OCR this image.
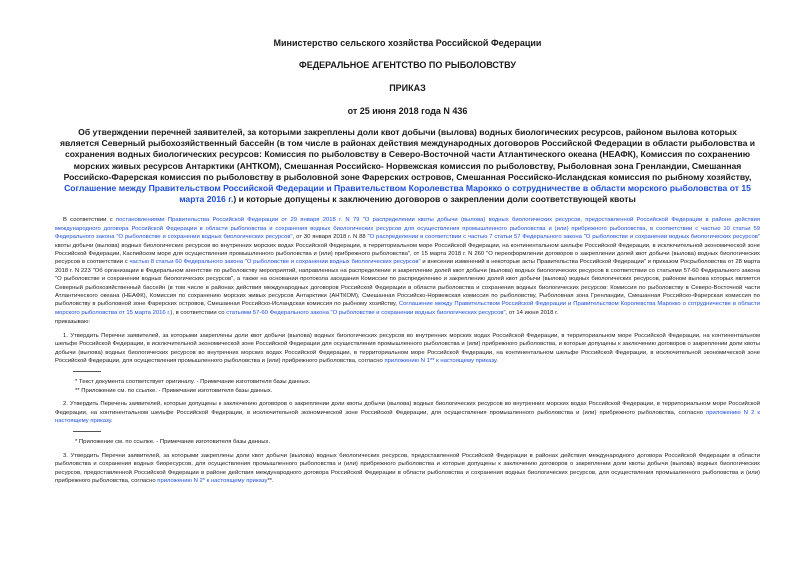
Министерство сельского хозяйства Российской Федерации
ФЕДЕРАЛЬНОЕ АГЕНТСТВО ПО РЫБОЛОВСТВУ
ПРИКАЗ
от 25 июня 2018 года N 436
Об утверждении перечней заявителей, за которыми закреплены доли квот добычи (вылова) водных биологических ресурсов, районом вылова которых является Северный рыбохозяйственный бассейн (в том числе в районах действия международных договоров Российской Федерации в области рыболовства и сохранения водных биологических ресурсов: Комиссия по рыболовству в Северо-Восточной части Атлантического океана (НЕАФК), Комиссия по сохранению морских живых ресурсов Антарктики (АНТКОМ), Смешанная Российско- Норвежская комиссия по рыболовству, Рыболовная зона Гренландии, Смешанная Российско-Фарерская комиссия по рыболовству в рыболовной зоне Фарерских островов, Смешанная Российско-Исландская комиссия по рыбному хозяйству, Соглашение между Правительством Российской Федерации и Правительством Королевства Марокко о сотрудничестве в области морского рыболовства от 15 марта 2016 г.) и которые допущены к заключению договоров о закреплении доли соответствующей квоты

В соответствии с постановлениями Правительства Российской Федерации от 29 января 2018 г. N 79 "О распределении квоты добычи (вылова) водных биологических ресурсов, предоставленной Российской Федерации в районе действия международного договора Российской Федерации в области рыболовства и сохранения водных биологических ресурсов для осуществления промышленного рыболовства и (или) прибрежного рыболовства, в соответствии с частью 10 статьи 59 Федерального закона "О рыболовстве и сохранении водных биологических ресурсов", от 30 января 2018 г. N 88 "О распределении в соответствии с частью 7 статьи 57 Федерального закона "О рыболовстве и сохранении водных биологических ресурсов" квоты добычи (вылова) водных биологических ресурсов во внутренних морских водах Российской Федерации, в территориальном море Российской Федерации, на континентальном шельфе Российской Федерации, в исключительной экономической зоне Российской Федерации, Каспийском море для осуществления промышленного рыболовства и (или) прибрежного рыболовства", от 15 марта 2018 г. N 260 "О переоформлении договоров о закреплении долей квот добычи (вылова) водных биологических ресурсов в соответствии с частью 8 статьи 60 Федерального закона "О рыболовстве и сохранении водных биологических ресурсов" и внесении изменений в некоторые акты Правительства Российской Федерации" и приказом Росрыболовства от 28 марта 2018 г. N 223 "Об организации в Федеральном агентстве по рыболовству мероприятий, направленных на распределение и закрепление долей квот добычи (вылова) водных биологических ресурсов в соответствии со статьями 57-60 Федерального закона "О рыболовстве и сохранении водных биологических ресурсов", а также на основании протокола заседания Комиссии по распределению и закреплению долей квот добычи (вылова) водных биологических ресурсов, районом вылова которых является Северный рыбохозяйственный бассейн (в том числе в районах действия международных договоров Российской Федерации в области рыболовства и сохранения водных биологических ресурсов: Комиссия по рыболовству в Северо-Восточной части Атлантического океана (НЕАФК), Комиссия по сохранению морских живых ресурсов Антарктики (АНТКОМ), Смешанная Российско-Норвежская комиссия по рыболовству, Рыболовная зона Гренландии, Смешанная Российско-Фарерская комиссия по рыболовству в рыболовной зоне Фарерских островов, Смешанная Российско-Исландская комиссия по рыбному хозяйству, Соглашение между Правительством Российской Федерации и Правительством Королевства Марокко о сотрудничестве в области морского рыболовства от 15 марта 2016 г.), в соответствии со статьями 57-60 Федерального закона "О рыболовстве и сохранении водных биологических ресурсов", от 14 июня 2018 г.

приказываю:

1. Утвердить Перечни заявителей, за которыми закреплены доли квот добычи (вылова) водных биологических ресурсов во внутренних морских водах Российской Федерации, в территориальном море Российской Федерации, на континентальном шельфе Российской Федерации, в исключительной экономической зоне Российской Федерации для осуществления промышленного рыболовства и (или) прибрежного рыболовства, и которые допущены к заключению договоров о закреплении доли квоты добычи (вылова) водных биологических ресурсов во внутренних морских водах Российской Федерации, в территориальном море Российской Федерации, на континентальном шельфе Российской Федерации, в исключительной экономической зоне Российской Федерации, для осуществления промышленного рыболовства и (или) прибрежного рыболовства, согласно приложению N 1** к настоящему приказу.

* Текст документа соответствует оригиналу. - Примечание изготовителя базы данных.
** Приложение см. по ссылке. - Примечание изготовителя базы данных.

2. Утвердить Перечень заявителей, которые допущены к заключению договоров о закреплении доли квоты добычи (вылова) водных биологических ресурсов во внутренних морских водах Российской Федерации, в территориальном море Российской Федерации, на континентальном шельфе Российской Федерации, в исключительной экономической зоне Российской Федерации, для осуществления промышленного рыболовства и (или) прибрежного рыболовства, согласно приложению N 2 к настоящему приказу.

* Приложение см. по ссылке. - Примечание изготовителя базы данных.

3. Утвердить Перечни заявителей, за которыми закреплены доли квот добычи (вылова) водных биологических ресурсов, предоставленной Российской Федерации в районах действия международного договора Российской Федерации в области рыболовства и сохранения водных биоресурсов, для осуществления промышленного рыболовства и (или) прибрежного рыболовства и которые допущены к заключению договоров о закреплении доли квоты добычи (вылова) водных биологических ресурсов, предоставленной Российской Федерации в районе действия международного договора Российской Федерации в области рыболовства и сохранения водных биологических ресурсов, для осуществления промышленного рыболовства и (или) прибрежного рыболовства, согласно приложению N 2* к настоящему приказу**.
